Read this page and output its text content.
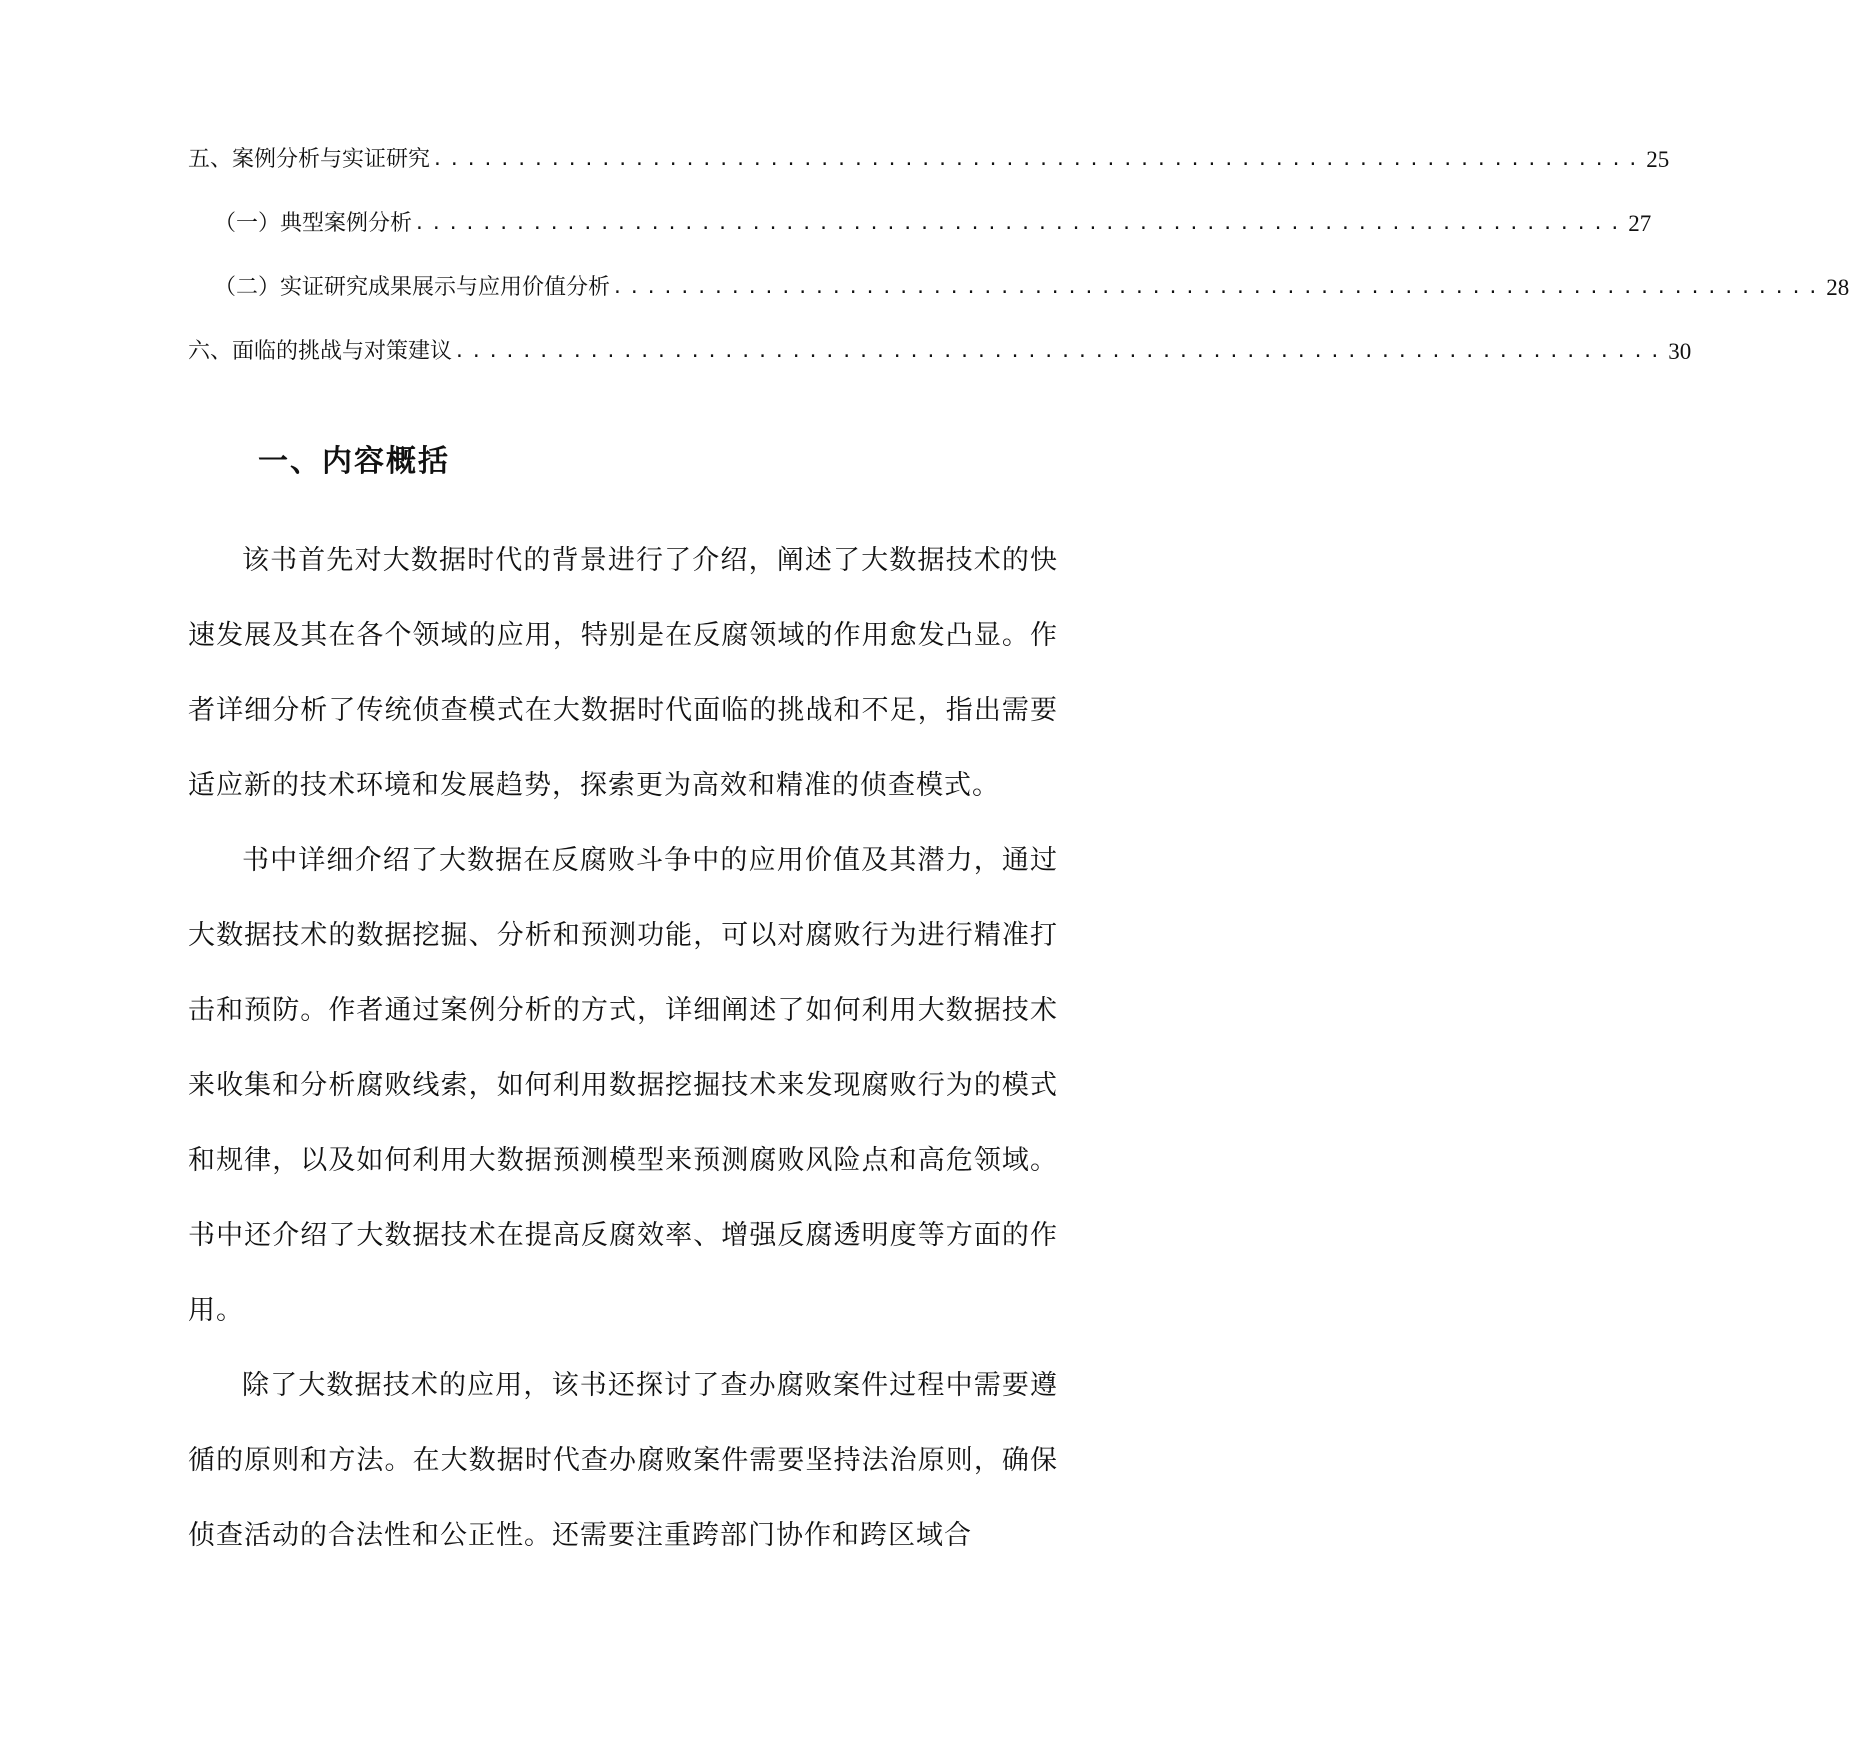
五、案例分析与实证研究 ........................................................................ 25
（一）典型案例分析 ........................................................................ 27
（二）实证研究成果展示与应用价值分析 ........................................................................ 28
六、面临的挑战与对策建议 ........................................................................ 30
一、内容概括

该书首先对大数据时代的背景进行了介绍，阐述了大数据技术的快速发展及其在各个领域的应用，特别是在反腐领域的作用愈发凸显。作者详细分析了传统侦查模式在大数据时代面临的挑战和不足，指出需要适应新的技术环境和发展趋势，探索更为高效和精准的侦查模式。

书中详细介绍了大数据在反腐败斗争中的应用价值及其潜力，通过大数据技术的数据挖掘、分析和预测功能，可以对腐败行为进行精准打击和预防。作者通过案例分析的方式，详细阐述了如何利用大数据技术来收集和分析腐败线索，如何利用数据挖掘技术来发现腐败行为的模式和规律，以及如何利用大数据预测模型来预测腐败风险点和高危领域。书中还介绍了大数据技术在提高反腐效率、增强反腐透明度等方面的作用。

除了大数据技术的应用，该书还探讨了查办腐败案件过程中需要遵循的原则和方法。在大数据时代查办腐败案件需要坚持法治原则，确保侦查活动的合法性和公正性。还需要注重跨部门协作和跨区域合
